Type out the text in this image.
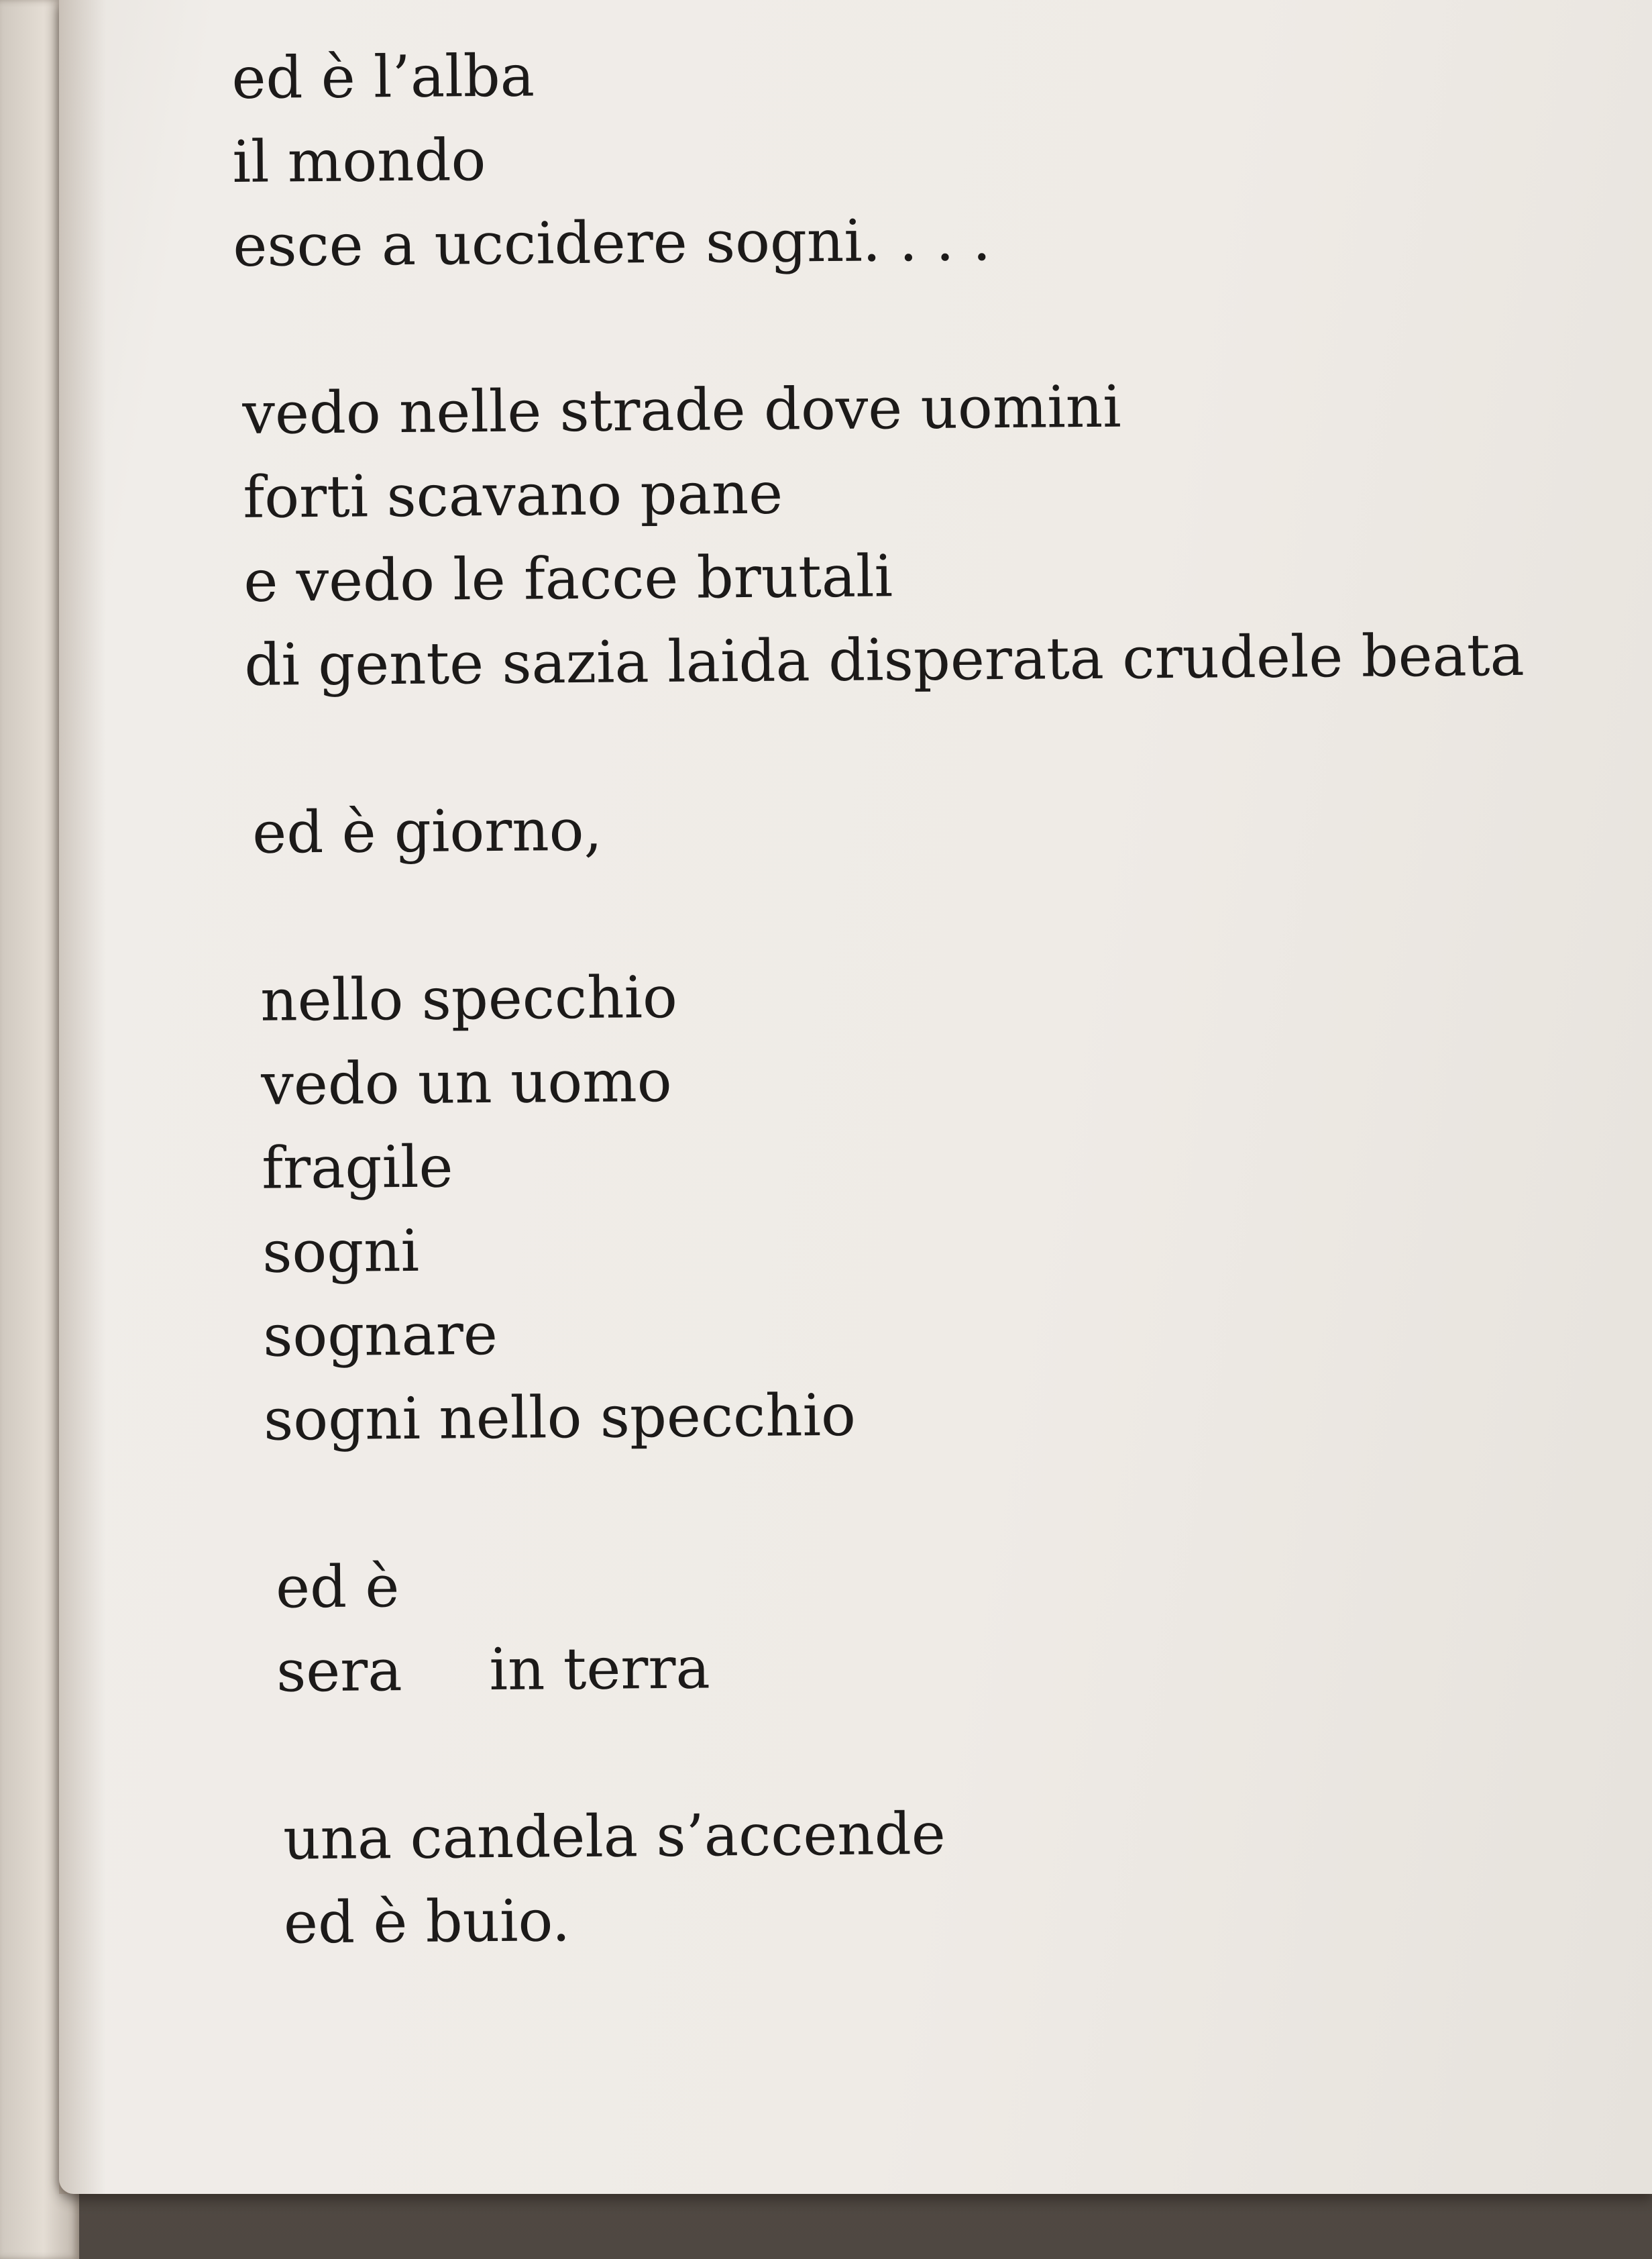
ed è l’alba
il mondo
esce a uccidere sogni. . . .
vedo nelle strade dove uomini
forti scavano pane
e vedo le facce brutali
di gente sazia laida disperata crudele beata
ed è giorno,
nello specchio
vedo un uomo
fragile
sogni
sognare
sogni nello specchio
ed è
sera in terra
una candela s’accende
ed è buio.
